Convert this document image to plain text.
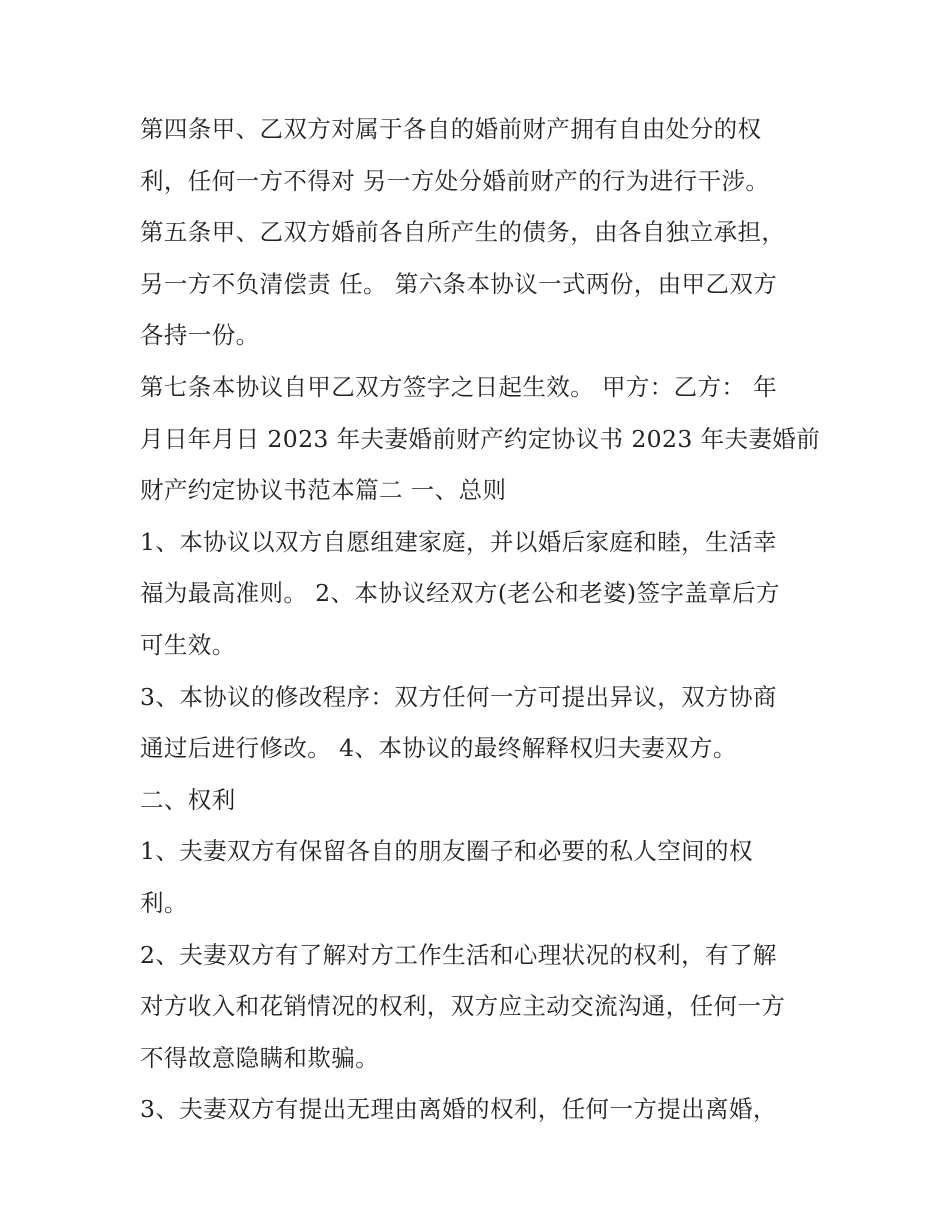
第四条甲、乙双方对属于各自的婚前财产拥有自由处分的权
利，任何一方不得对 另一方处分婚前财产的行为进行干涉。

第五条甲、乙双方婚前各自所产生的债务，由各自独立承担，
另一方不负清偿责 任。 第六条本协议一式两份，由甲乙双方
各持一份。

第七条本协议自甲乙双方签字之日起生效。 甲方：乙方： 年
月日年月日 2023 年夫妻婚前财产约定协议书 2023 年夫妻婚前
财产约定协议书范本篇二 一、总则

1、本协议以双方自愿组建家庭，并以婚后家庭和睦，生活幸
福为最高准则。 2、本协议经双方(老公和老婆)签字盖章后方
可生效。

3、本协议的修改程序：双方任何一方可提出异议，双方协商
通过后进行修改。 4、本协议的最终解释权归夫妻双方。

二、权利

1、夫妻双方有保留各自的朋友圈子和必要的私人空间的权
利。

2、夫妻双方有了解对方工作生活和心理状况的权利，有了解
对方收入和花销情况的权利，双方应主动交流沟通，任何一方
不得故意隐瞒和欺骗。

3、夫妻双方有提出无理由离婚的权利，任何一方提出离婚，
